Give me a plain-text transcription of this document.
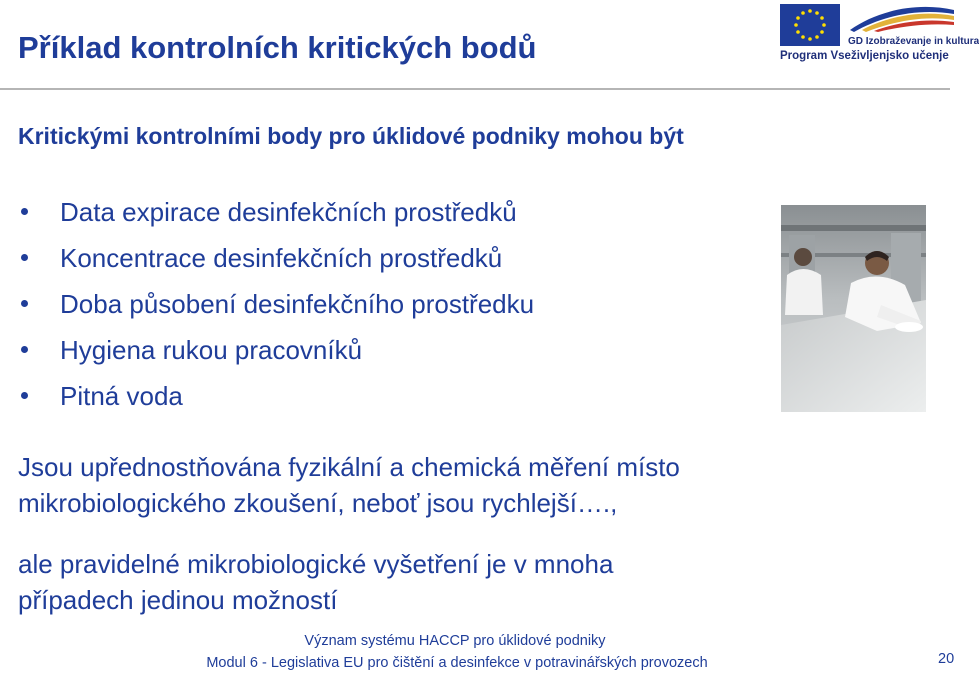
Příklad kontrolních kritických bodů	GD Izobraževanje in kultura
Program Vseživljenjsko učenje
Kritickými kontrolními body pro úklidové podniky mohou být
Data expirace desinfekčních prostředků
Koncentrace desinfekčních prostředků
Doba působení desinfekčního prostředku
Hygiena rukou pracovníků
Pitná voda
Jsou upřednostňována fyzikální a chemická měření místo
mikrobiologického zkoušení, neboť jsou rychlejší….,
ale pravidelné mikrobiologické vyšetření je v mnoha
případech jedinou možností
Význam systému HACCP pro úklidové podniky
Modul 6 - Legislativa EU pro čištění a desinfekce v potravinářských provozech	20
